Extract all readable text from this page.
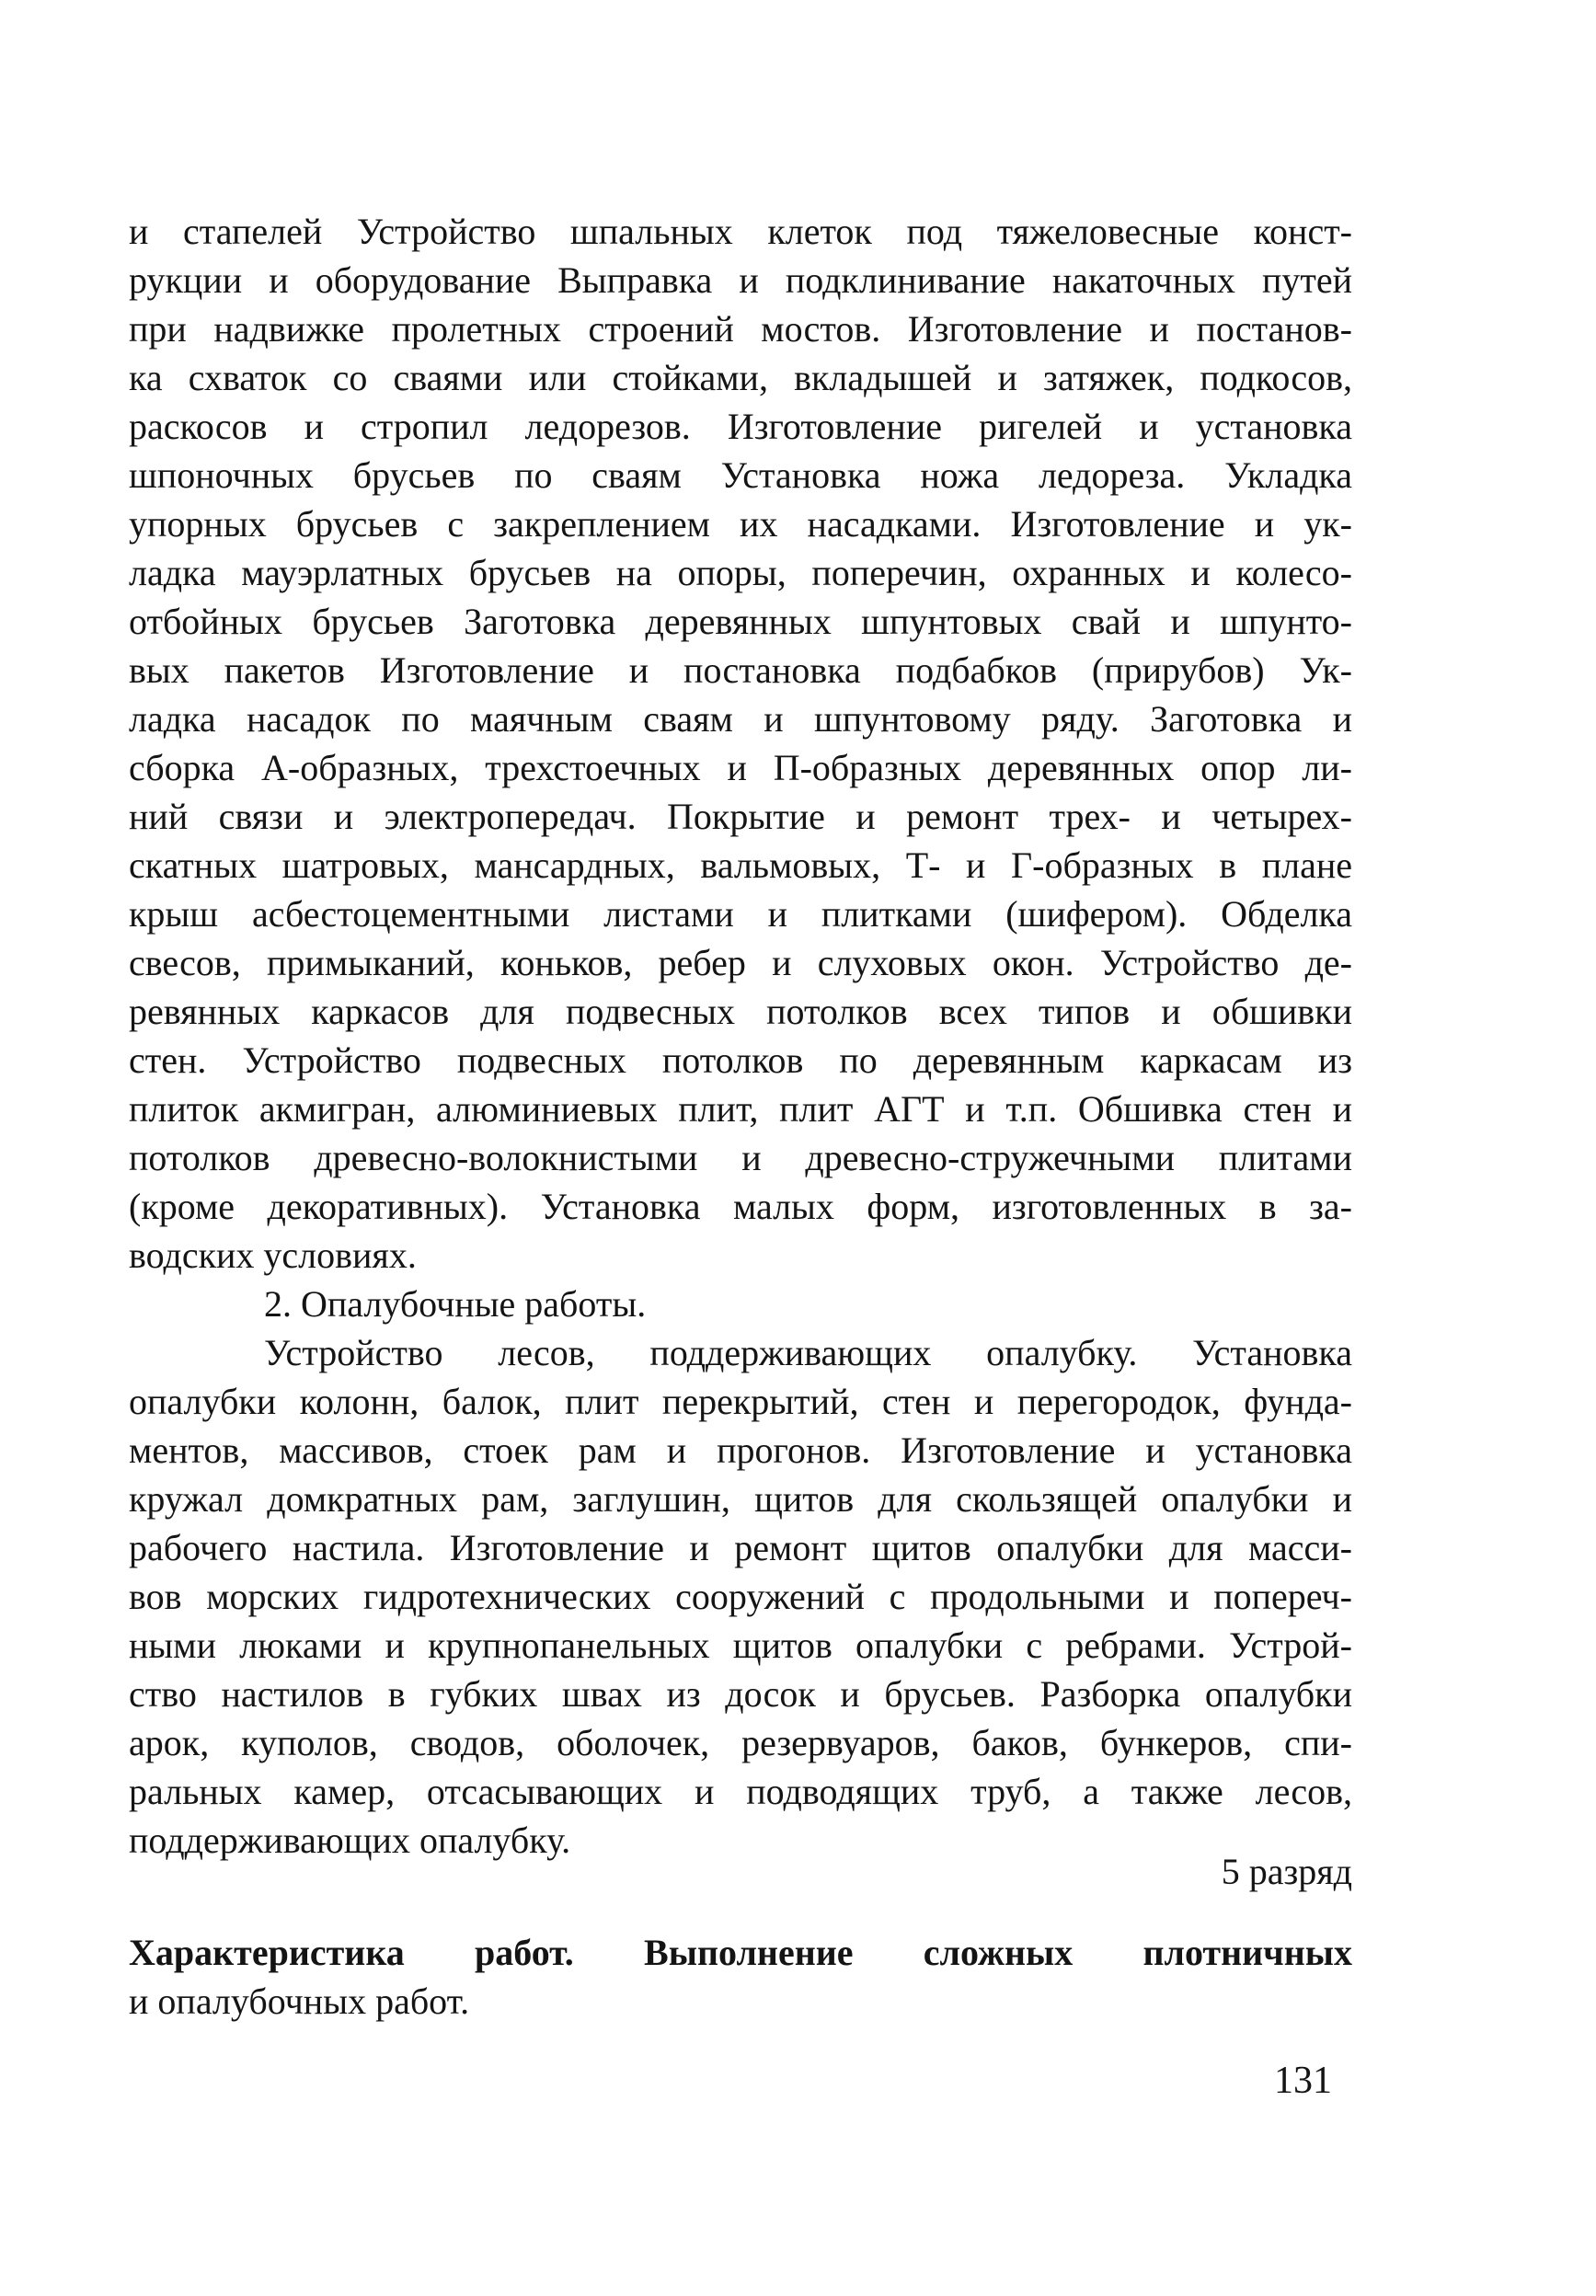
и стапелей Устройство шпальных клеток под тяжеловесные конст-
рукции и оборудование Выправка и подклинивание накаточных путей
при надвижке пролетных строений мостов. Изготовление и постанов-
ка схваток со сваями или стойками, вкладышей и затяжек, подкосов,
раскосов и стропил ледорезов. Изготовление ригелей и установка
шпоночных брусьев по сваям Установка ножа ледореза. Укладка
упорных брусьев с закреплением их насадками. Изготовление и ук-
ладка мауэрлатных брусьев на опоры, поперечин, охранных и колесо-
отбойных брусьев Заготовка деревянных шпунтовых свай и шпунто-
вых пакетов Изготовление и постановка подбабков (прирубов) Ук-
ладка насадок по маячным сваям и шпунтовому ряду. Заготовка и
сборка А-образных, трехстоечных и П-образных деревянных опор ли-
ний связи и электропередач. Покрытие и ремонт трех- и четырех-
скатных шатровых, мансардных, вальмовых, Т- и Г-образных в плане
крыш асбестоцементными листами и плитками (шифером). Обделка
свесов, примыканий, коньков, ребер и слуховых окон. Устройство де-
ревянных каркасов для подвесных потолков всех типов и обшивки
стен. Устройство подвесных потолков по деревянным каркасам из
плиток акмигран, алюминиевых плит, плит АГТ и т.п. Обшивка стен и
потолков древесно-волокнистыми и древесно-стружечными плитами
(кроме декоративных). Установка малых форм, изготовленных в за-
водских условиях.
2. Опалубочные работы.
Устройство лесов, поддерживающих опалубку. Установка
опалубки колонн, балок, плит перекрытий, стен и перегородок, фунда-
ментов, массивов, стоек рам и прогонов. Изготовление и установка
кружал домкратных рам, заглушин, щитов для скользящей опалубки и
рабочего настила. Изготовление и ремонт щитов опалубки для масси-
вов морских гидротехнических сооружений с продольными и попереч-
ными люками и крупнопанельных щитов опалубки с ребрами. Устрой-
ство настилов в губких швах из досок и брусьев. Разборка опалубки
арок, куполов, сводов, оболочек, резервуаров, баков, бункеров, спи-
ральных камер, отсасывающих и подводящих труб, а также лесов,
поддерживающих опалубку.
5 разряд
Характеристика работ. Выполнение сложных плотничных
и опалубочных работ.
131
